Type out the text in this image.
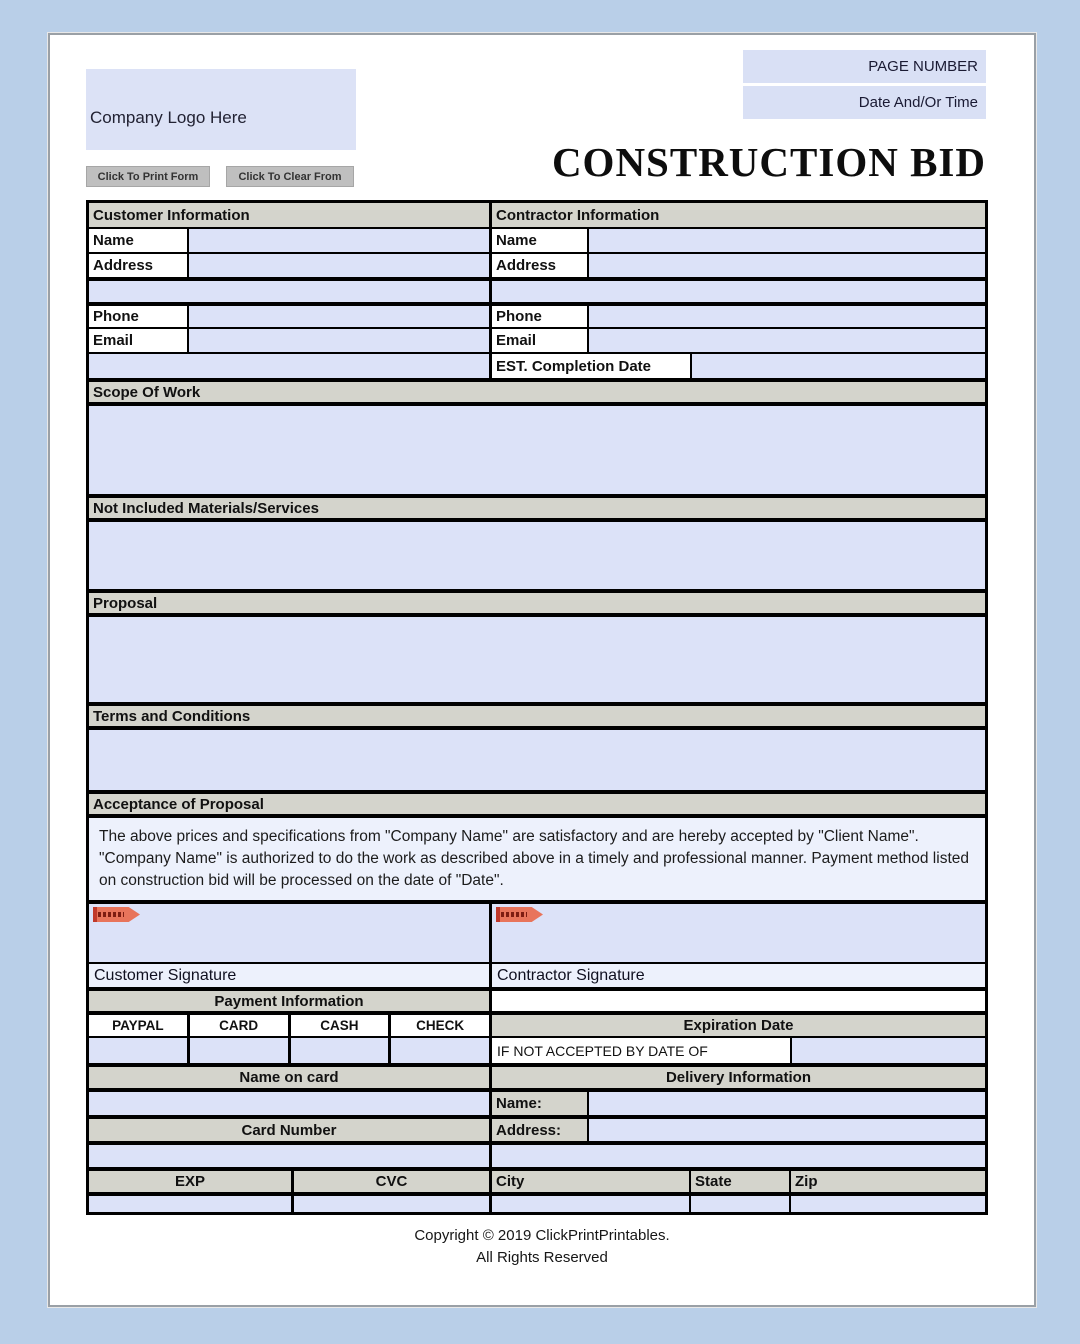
Company Logo Here
Click To Print Form	Click To Clear From
PAGE NUMBER
Date And/Or Time
CONSTRUCTION BID
Customer Information	Contractor Information
Name	Name
Address	Address
Phone	Phone
Email	Email
EST. Completion Date
Scope Of Work
Not Included Materials/Services
Proposal
Terms and Conditions
Acceptance of Proposal
The above prices and specifications from "Company Name" are satisfactory and are hereby accepted by "Client Name". "Company Name" is authorized to do the work as described above in a timely and professional manner. Payment method listed on construction bid will be processed on the date of "Date".
Customer Signature	Contractor Signature
Payment Information
PAYPAL	CARD	CASH	CHECK	Expiration Date
IF NOT ACCEPTED BY DATE OF
Name on card	Delivery Information
Name:
Card Number	Address:
EXP	CVC	City	State	Zip
Copyright © 2019 ClickPrintPrintables.
All Rights Reserved
